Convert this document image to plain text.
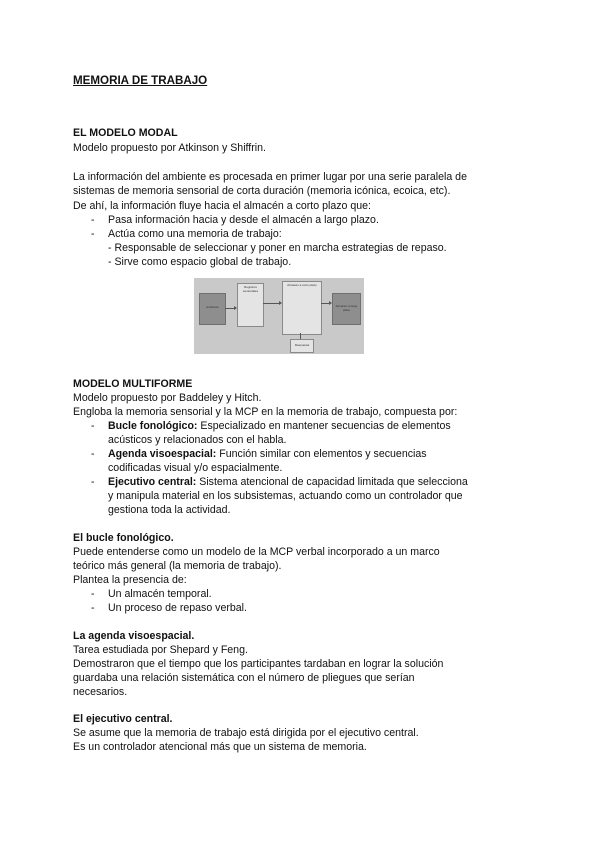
MEMORIA DE TRABAJO
EL MODELO MODAL
Modelo propuesto por Atkinson y Shiffrin.
La información del ambiente es procesada en primer lugar por una serie paralela de
sistemas de memoria sensorial de corta duración (memoria icónica, ecoica, etc).
De ahí, la información fluye hacia el almacén a corto plazo que:
- Pasa información hacia y desde el almacén a largo plazo.
- Actúa como una memoria de trabajo:
- Responsable de seleccionar y poner en marcha estrategias de repaso.
- Sirve como espacio global de trabajo.
Ambiente
Registros sensoriales
Almacén a corto plazo
Almacén a largo plazo
Respuesta
MODELO MULTIFORME
Modelo propuesto por Baddeley y Hitch.
Engloba la memoria sensorial y la MCP en la memoria de trabajo, compuesta por:
- Bucle fonológico: Especializado en mantener secuencias de elementos
acústicos y relacionados con el habla.
- Agenda visoespacial: Función similar con elementos y secuencias
codificadas visual y/o espacialmente.
- Ejecutivo central: Sistema atencional de capacidad limitada que selecciona
y manipula material en los subsistemas, actuando como un controlador que
gestiona toda la actividad.
El bucle fonológico.
Puede entenderse como un modelo de la MCP verbal incorporado a un marco
teórico más general (la memoria de trabajo).
Plantea la presencia de:
- Un almacén temporal.
- Un proceso de repaso verbal.
La agenda visoespacial.
Tarea estudiada por Shepard y Feng.
Demostraron que el tiempo que los participantes tardaban en lograr la solución
guardaba una relación sistemática con el número de pliegues que serían
necesarios.
El ejecutivo central.
Se asume que la memoria de trabajo está dirigida por el ejecutivo central.
Es un controlador atencional más que un sistema de memoria.
